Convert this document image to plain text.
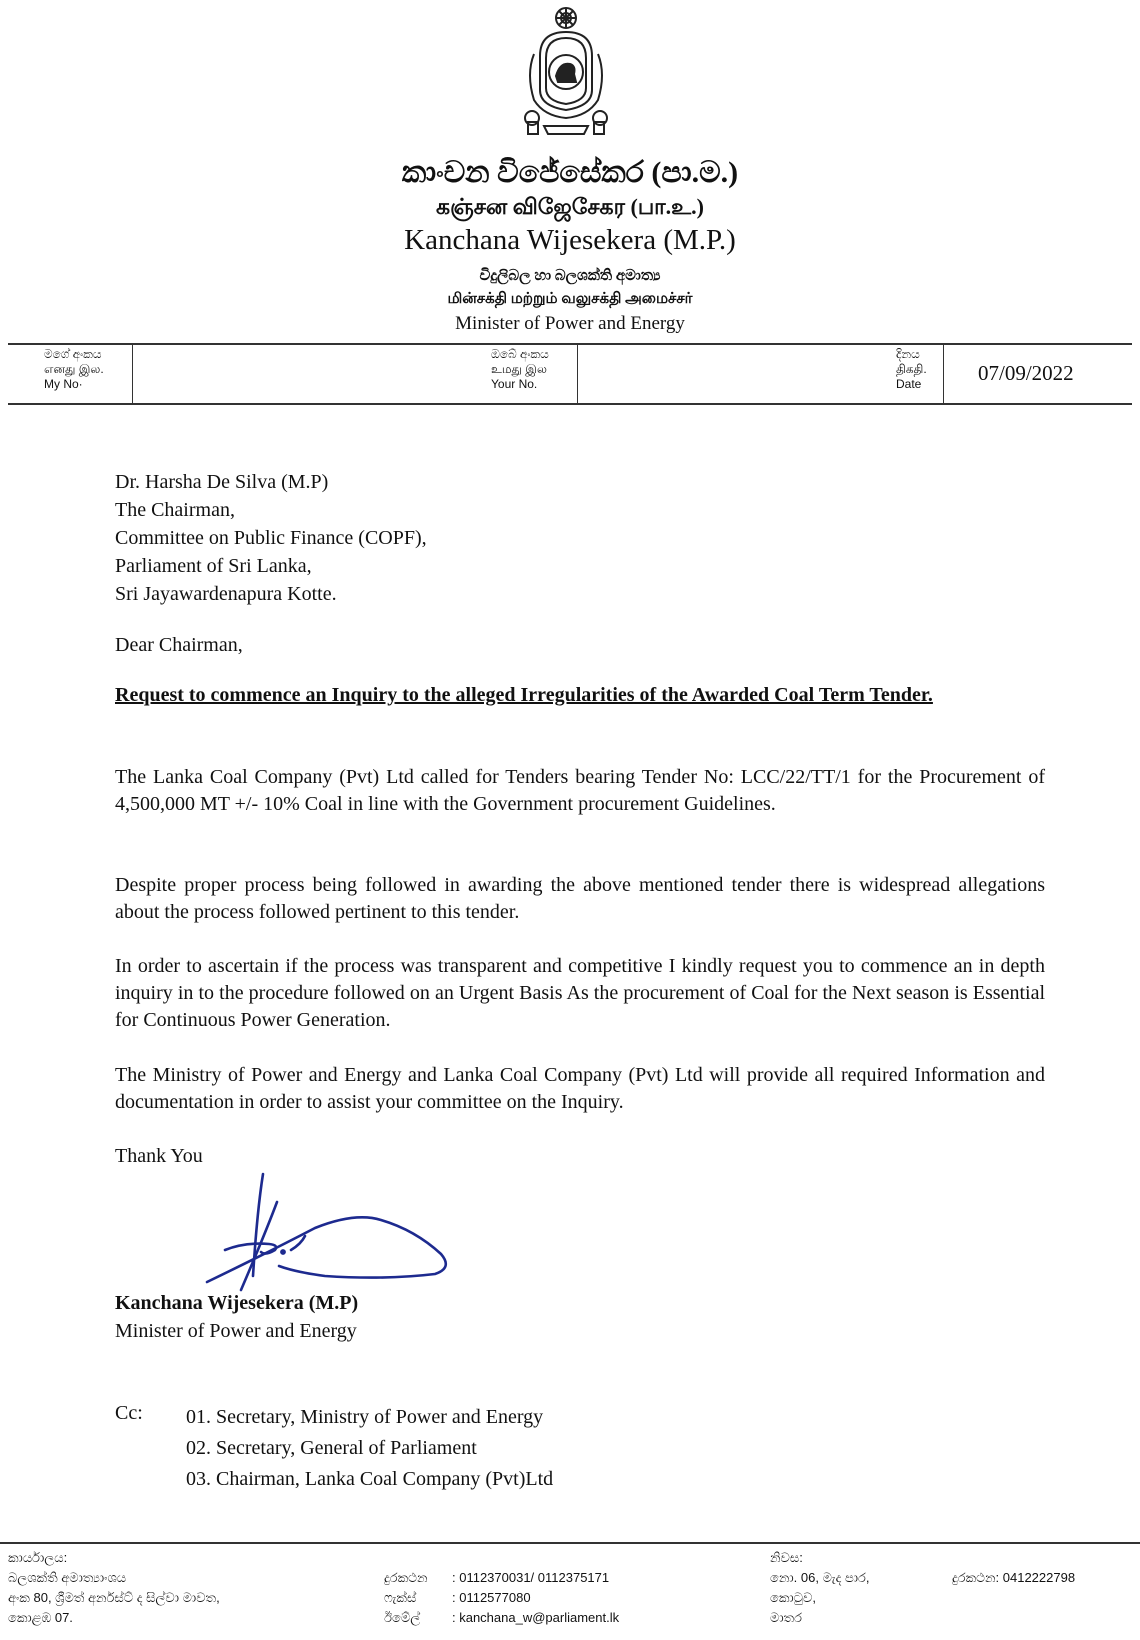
කාංචන විජේසේකර (පා.ම.)
கஞ்சன விஜேசேகர (பா.உ.)
Kanchana Wijesekera (M.P.)
විදුලිබල හා බලශක්ති අමාත්‍ය
மின்சக்தி மற்றும் வலுசக்தி அமைச்சர்
Minister of Power and Energy
මගේ අංකය
எனது இல.
My No·
ඔබේ අංකය
உமது இல
Your No.
දිනය
திகதி.
Date	07/09/2022
Dr. Harsha De Silva (M.P)
The Chairman,
Committee on Public Finance (COPF),
Parliament of Sri Lanka,
Sri Jayawardenapura Kotte.
Dear Chairman,
Request to commence an Inquiry to the alleged Irregularities of the Awarded Coal Term Tender.
The Lanka Coal Company (Pvt) Ltd called for Tenders bearing Tender No: LCC/22/TT/1 for the Procurement of 4,500,000 MT +/- 10% Coal in line with the Government procurement Guidelines.
Despite proper process being followed in awarding the above mentioned tender there is widespread allegations about the process followed pertinent to this tender.
In order to ascertain if the process was transparent and competitive I kindly request you to commence an in depth inquiry in to the procedure followed on an Urgent Basis As the procurement of Coal for the Next season is Essential for Continuous Power Generation.
The Ministry of Power and Energy and Lanka Coal Company (Pvt) Ltd will provide all required Information and documentation in order to assist your committee on the Inquiry.
Thank You
Kanchana Wijesekera (M.P)
Minister of Power and Energy
Cc: 01. Secretary, Ministry of Power and Energy
02. Secretary, General of Parliament
03. Chairman, Lanka Coal Company (Pvt)Ltd
කාර්යාලය:
බලශක්ති අමාත්‍යාංශය
අංක 80, ශ්‍රීමත් අර්නස්ට් ද සිල්වා මාවත,
කොළඹ 07.
දුරකථන
ෆැක්ස්
ඊමේල්
: 0112370031/ 0112375171
: 0112577080
: kanchana_w@parliament.lk
නිවස:
නො. 06, මැද පාර,
කොටුව,
මාතර
දුරකථන: 0412222798
